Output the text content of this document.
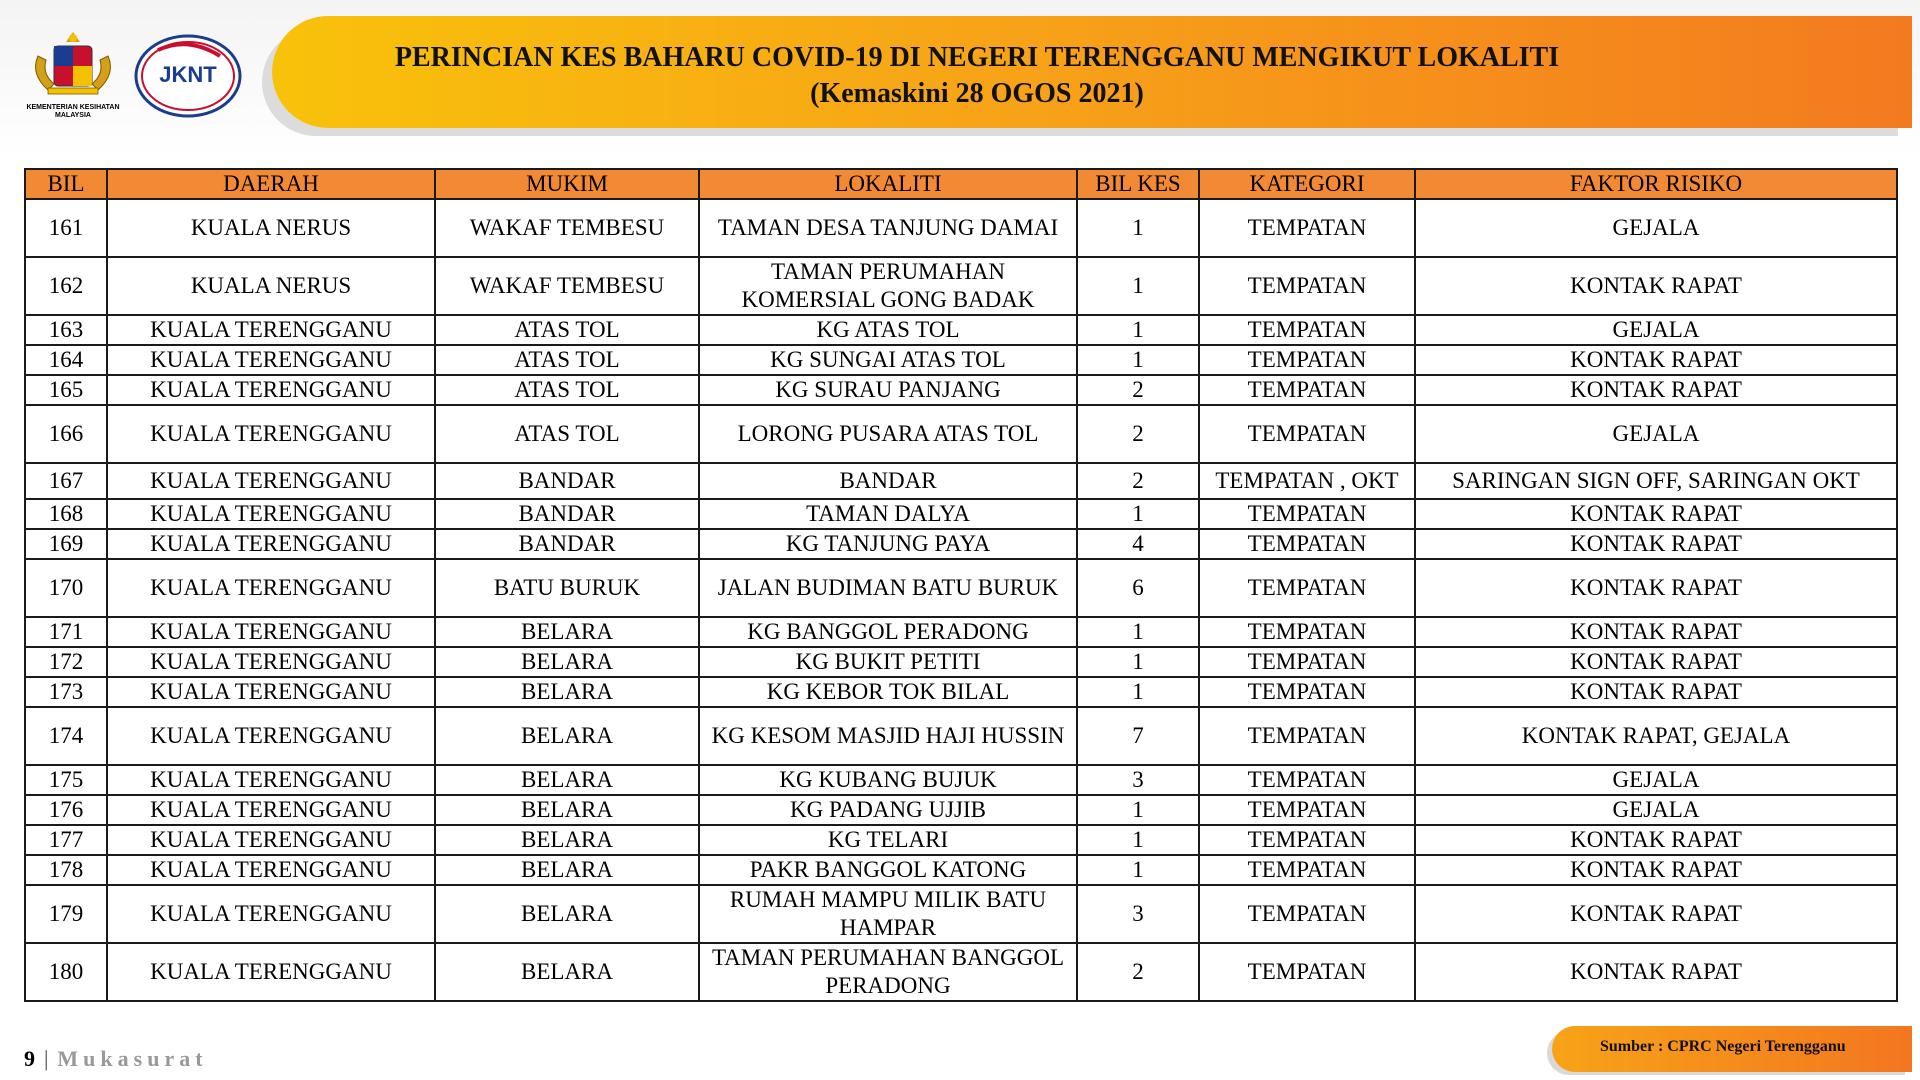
KEMENTERIAN KESIHATAN
MALAYSIA
JKNT
PERINCIAN KES BAHARU COVID-19 DI NEGERI TERENGGANU MENGIKUT LOKALITI
(Kemaskini 28 OGOS 2021)
BIL	DAERAH	MUKIM	LOKALITI	BIL KES	KATEGORI	FAKTOR RISIKO
161	KUALA NERUS	WAKAF TEMBESU	TAMAN DESA TANJUNG DAMAI	1	TEMPATAN	GEJALA
162	KUALA NERUS	WAKAF TEMBESU	TAMAN PERUMAHAN KOMERSIAL GONG BADAK	1	TEMPATAN	KONTAK RAPAT
163	KUALA TERENGGANU	ATAS TOL	KG ATAS TOL	1	TEMPATAN	GEJALA
164	KUALA TERENGGANU	ATAS TOL	KG SUNGAI ATAS TOL	1	TEMPATAN	KONTAK RAPAT
165	KUALA TERENGGANU	ATAS TOL	KG SURAU PANJANG	2	TEMPATAN	KONTAK RAPAT
166	KUALA TERENGGANU	ATAS TOL	LORONG PUSARA ATAS TOL	2	TEMPATAN	GEJALA
167	KUALA TERENGGANU	BANDAR	BANDAR	2	TEMPATAN , OKT	SARINGAN SIGN OFF, SARINGAN OKT
168	KUALA TERENGGANU	BANDAR	TAMAN DALYA	1	TEMPATAN	KONTAK RAPAT
169	KUALA TERENGGANU	BANDAR	KG TANJUNG PAYA	4	TEMPATAN	KONTAK RAPAT
170	KUALA TERENGGANU	BATU BURUK	JALAN BUDIMAN BATU BURUK	6	TEMPATAN	KONTAK RAPAT
171	KUALA TERENGGANU	BELARA	KG BANGGOL PERADONG	1	TEMPATAN	KONTAK RAPAT
172	KUALA TERENGGANU	BELARA	KG BUKIT PETITI	1	TEMPATAN	KONTAK RAPAT
173	KUALA TERENGGANU	BELARA	KG KEBOR TOK BILAL	1	TEMPATAN	KONTAK RAPAT
174	KUALA TERENGGANU	BELARA	KG KESOM MASJID HAJI HUSSIN	7	TEMPATAN	KONTAK RAPAT, GEJALA
175	KUALA TERENGGANU	BELARA	KG KUBANG BUJUK	3	TEMPATAN	GEJALA
176	KUALA TERENGGANU	BELARA	KG PADANG UJJIB	1	TEMPATAN	GEJALA
177	KUALA TERENGGANU	BELARA	KG TELARI	1	TEMPATAN	KONTAK RAPAT
178	KUALA TERENGGANU	BELARA	PAKR BANGGOL KATONG	1	TEMPATAN	KONTAK RAPAT
179	KUALA TERENGGANU	BELARA	RUMAH MAMPU MILIK BATU HAMPAR	3	TEMPATAN	KONTAK RAPAT
180	KUALA TERENGGANU	BELARA	TAMAN PERUMAHAN BANGGOL PERADONG	2	TEMPATAN	KONTAK RAPAT
9 | Mukasurat	Sumber : CPRC Negeri Terengganu
